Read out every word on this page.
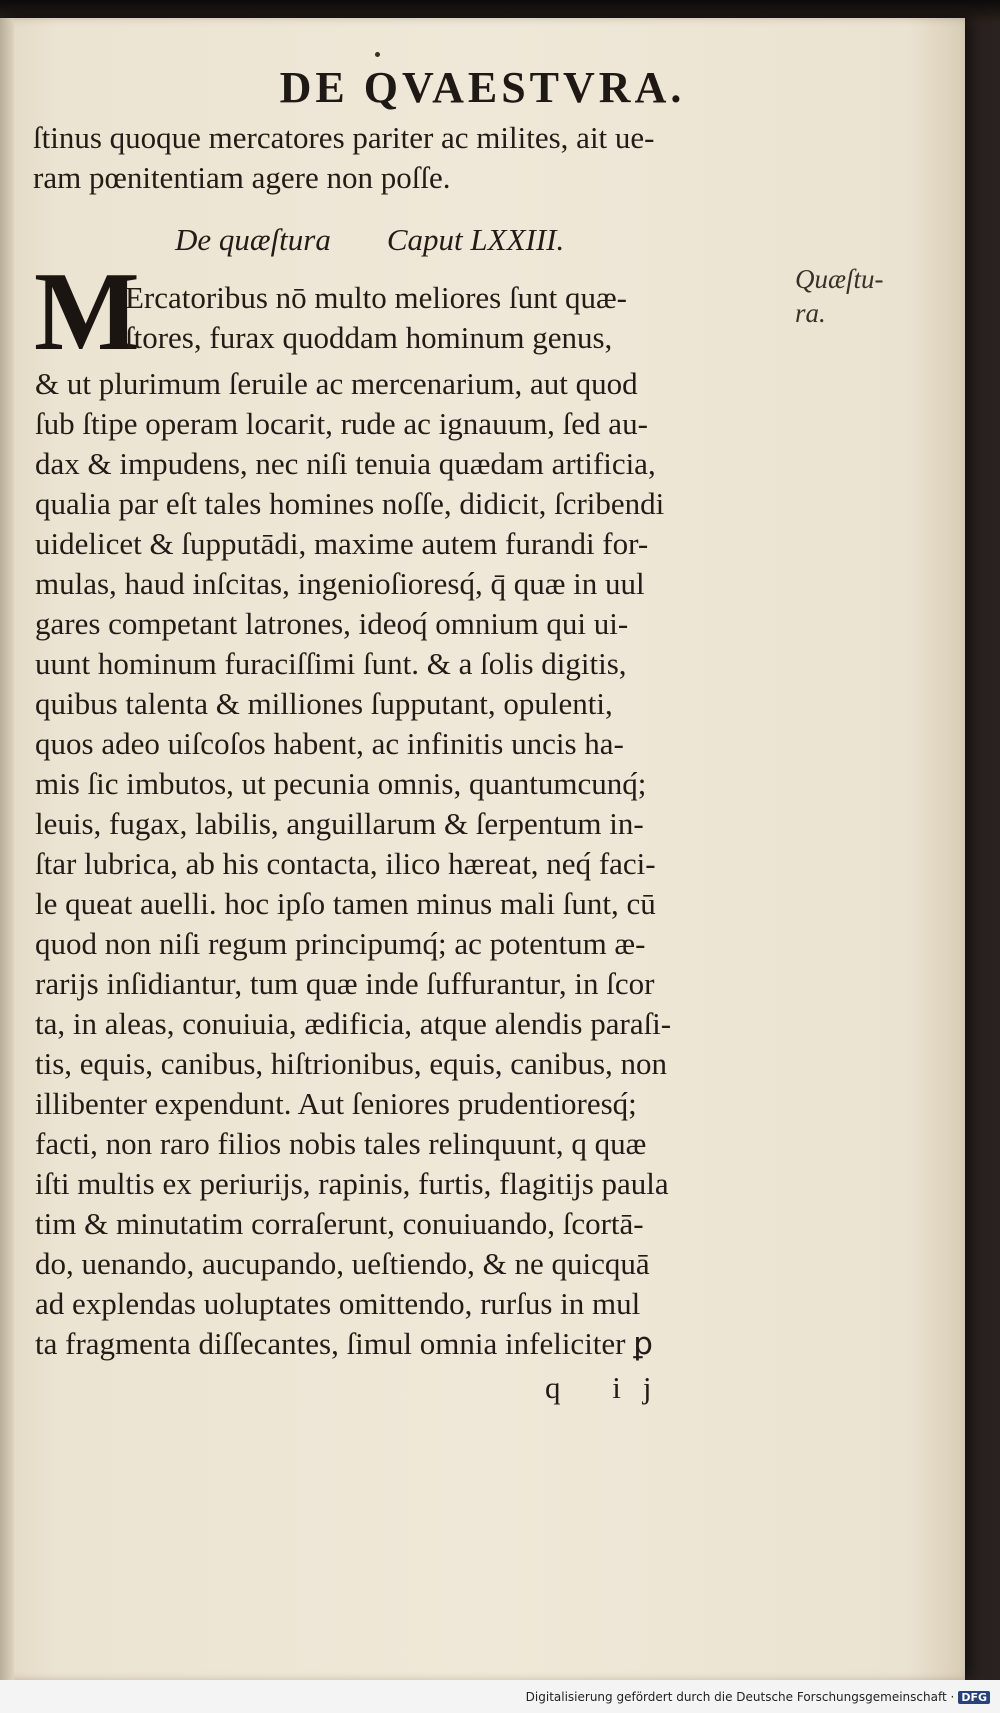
DE QVAESTVRA.
ſtinus quoque mercatores pariter ac milites, ait ue-
ram pœnitentiam agere non poſſe.
De quæſtura Caput LXXIII.
M
Ercatoribus nō multo meliores ſunt quæ-
ſtores, furax quoddam hominum genus,
& ut plurimum ſeruile ac mercenarium, aut quod
ſub ſtipe operam locarit, rude ac ignauum, ſed au-
dax & impudens, nec niſi tenuia quædam artificia,
qualia par eſt tales homines noſſe, didicit, ſcribendi
uidelicet & ſupputādi, maxime autem furandi for-
mulas, haud inſcitas, ingenioſioresq́, q̄ quæ in uul
gares competant latrones, ideoq́ omnium qui ui-
uunt hominum furaciſſimi ſunt. & a ſolis digitis,
quibus talenta & milliones ſupputant, opulenti,
quos adeo uiſcoſos habent, ac infinitis uncis ha-
mis ſic imbutos, ut pecunia omnis, quantumcunq́;
leuis, fugax, labilis, anguillarum & ſerpentum in-
ſtar lubrica, ab his contacta, ilico hæreat, neq́ faci-
le queat auelli. hoc ipſo tamen minus mali ſunt, cū
quod non niſi regum principumq́; ac potentum æ-
rarijs inſidiantur, tum quæ inde ſuffurantur, in ſcor
ta, in aleas, conuiuia, ædificia, atque alendis paraſi-
tis, equis, canibus, hiſtrionibus, equis, canibus, non
illibenter expendunt. Aut ſeniores prudentioresq́;
facti, non raro filios nobis tales relinquunt, q quæ
iſti multis ex periurijs, rapinis, furtis, flagitijs paula
tim & minutatim corraſerunt, conuiuando, ſcortā-
do, uenando, aucupando, ueſtiendo, & ne quicquā
ad explendas uoluptates omittendo, rurſus in mul
ta fragmenta diſſecantes, ſimul omnia infeliciter ꝑ
Quæſtu-
ra.
q ij
Digitalisierung gefördert durch die Deutsche Forschungsgemeinschaft · DFG
